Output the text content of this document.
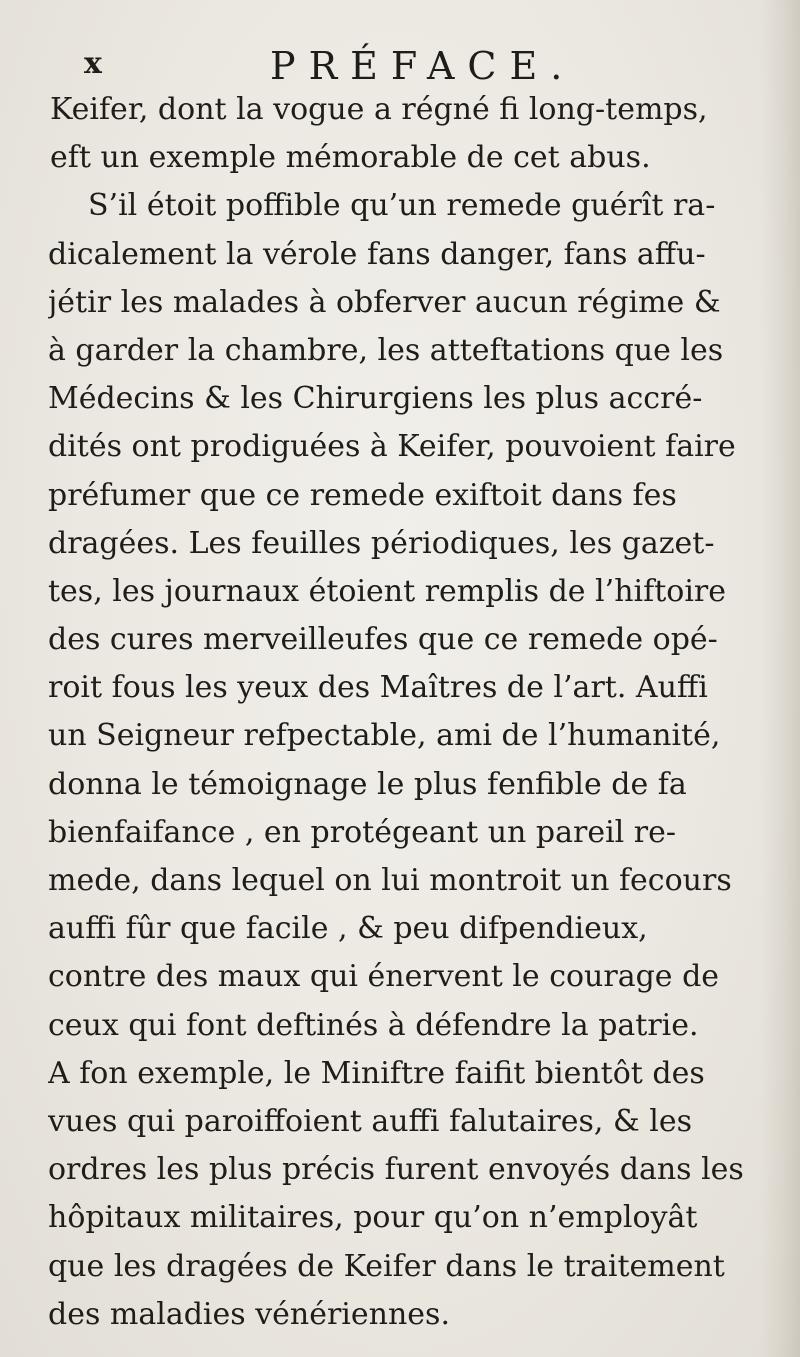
x	PRÉFACE.
Keifer, dont la vogue a régné fi long-temps,
eft un exemple mémorable de cet abus.
S’il étoit poffible qu’un remede guérît ra-
dicalement la vérole fans danger, fans affu-
jétir les malades à obferver aucun régime &
à garder la chambre, les atteftations que les
Médecins & les Chirurgiens les plus accré-
dités ont prodiguées à Keifer, pouvoient faire
préfumer que ce remede exiftoit dans fes
dragées. Les feuilles périodiques, les gazet-
tes, les journaux étoient remplis de l’hiftoire
des cures merveilleufes que ce remede opé-
roit fous les yeux des Maîtres de l’art. Auffi
un Seigneur refpectable, ami de l’humanité,
donna le témoignage le plus fenfible de fa
bienfaifance , en protégeant un pareil re-
mede, dans lequel on lui montroit un fecours
auffi fûr que facile , & peu difpendieux,
contre des maux qui énervent le courage de
ceux qui font deftinés à défendre la patrie.
A fon exemple, le Miniftre faifit bientôt des
vues qui paroiffoient auffi falutaires, & les
ordres les plus précis furent envoyés dans les
hôpitaux militaires, pour qu’on n’employât
que les dragées de Keifer dans le traitement
des maladies vénériennes.
